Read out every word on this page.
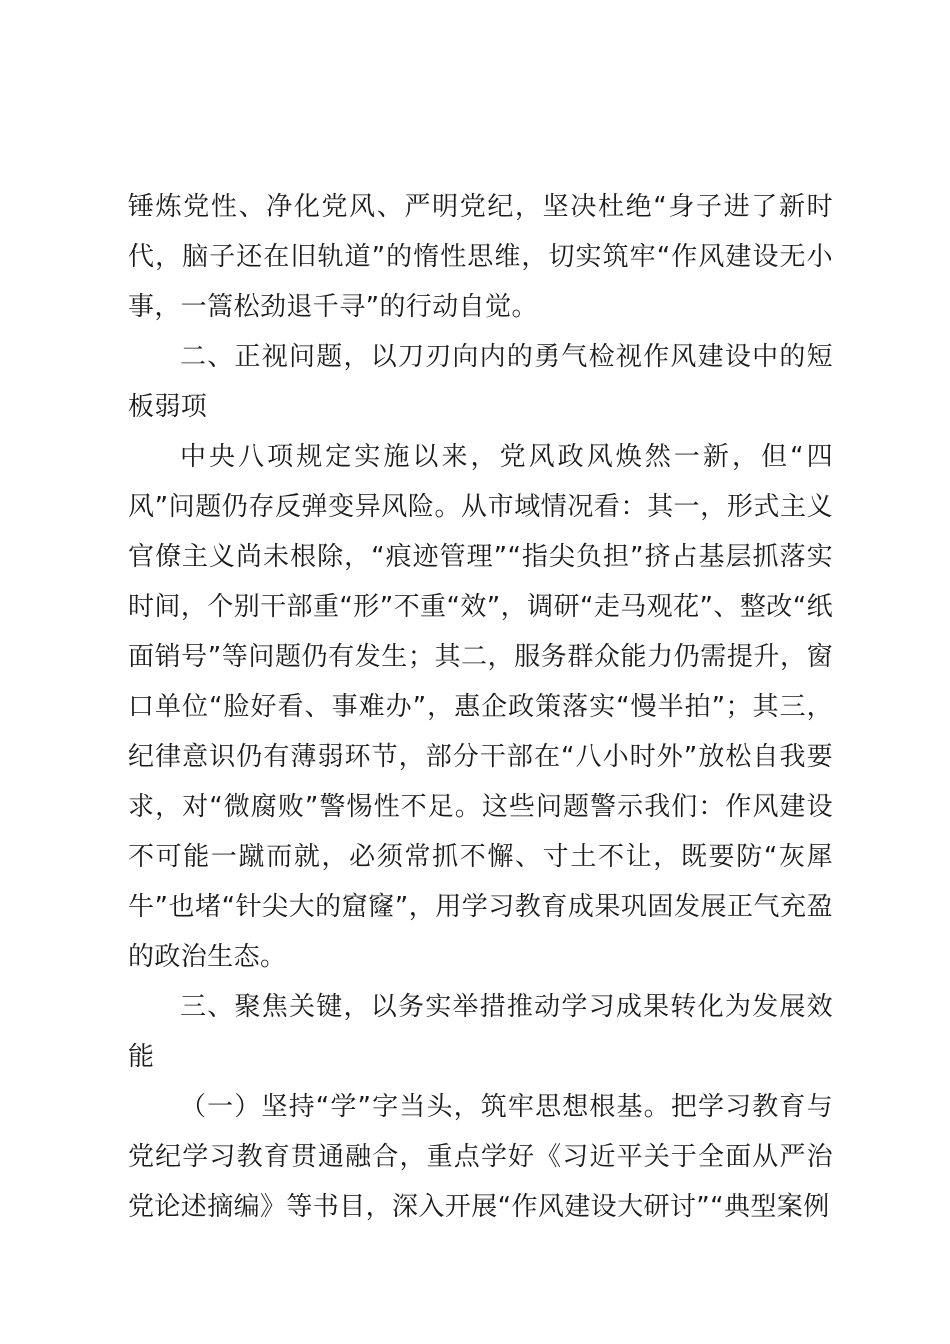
锤炼党性、净化党风、严明党纪，坚决杜绝“身子进了新时代，脑子还在旧轨道”的惰性思维，切实筑牢“作风建设无小事，一篙松劲退千寻”的行动自觉。

二、正视问题，以刀刃向内的勇气检视作风建设中的短板弱项

中央八项规定实施以来，党风政风焕然一新，但“四风”问题仍存反弹变异风险。从市域情况看：其一，形式主义官僚主义尚未根除，“痕迹管理”“指尖负担”挤占基层抓落实时间，个别干部重“形”不重“效”，调研“走马观花”、整改“纸面销号”等问题仍有发生；其二，服务群众能力仍需提升，窗口单位“脸好看、事难办”，惠企政策落实“慢半拍”；其三，纪律意识仍有薄弱环节，部分干部在“八小时外”放松自我要求，对“微腐败”警惕性不足。这些问题警示我们：作风建设不可能一蹴而就，必须常抓不懈、寸土不让，既要防“灰犀牛”也堵“针尖大的窟窿”，用学习教育成果巩固发展正气充盈的政治生态。

三、聚焦关键，以务实举措推动学习成果转化为发展效能

（一）坚持“学”字当头，筑牢思想根基。把学习教育与党纪学习教育贯通融合，重点学好《习近平关于全面从严治党论述摘编》等书目，深入开展“作风建设大研讨”“典型案例
